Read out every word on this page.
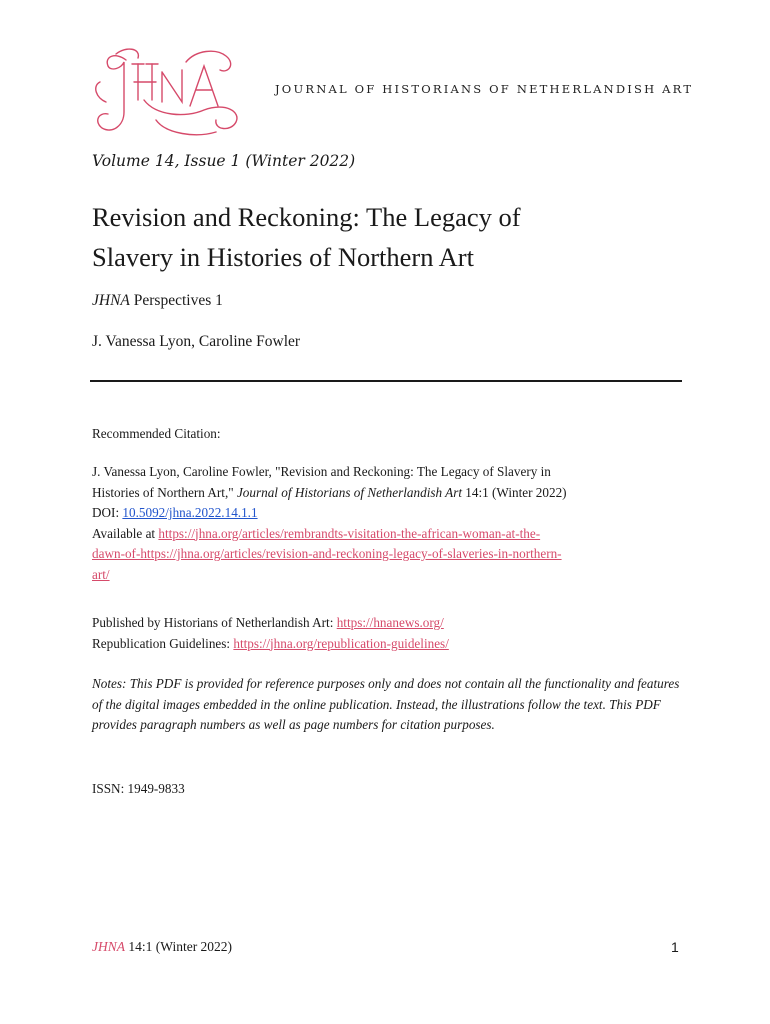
JOURNAL OF HISTORIANS OF NETHERLANDISH ART
Volume 14, Issue 1 (Winter 2022)
Revision and Reckoning: The Legacy of
Slavery in Histories of Northern Art
JHNA Perspectives 1
J. Vanessa Lyon, Caroline Fowler
Recommended Citation:
J. Vanessa Lyon, Caroline Fowler, "Revision and Reckoning: The Legacy of Slavery in
Histories of Northern Art," Journal of Historians of Netherlandish Art 14:1 (Winter 2022)
DOI: 10.5092/jhna.2022.14.1.1
Available at https://jhna.org/articles/rembrandts-visitation-the-african-woman-at-the-
dawn-of-https://jhna.org/articles/revision-and-reckoning-legacy-of-slaveries-in-northern-
art/
Published by Historians of Netherlandish Art: https://hnanews.org/
Republication Guidelines: https://jhna.org/republication-guidelines/
Notes: This PDF is provided for reference purposes only and does not contain all the functionality and features of the digital images embedded in the online publication. Instead, the illustrations follow the text. This PDF provides paragraph numbers as well as page numbers for citation purposes.
ISSN: 1949-9833
JHNA 14:1 (Winter 2022)	1
